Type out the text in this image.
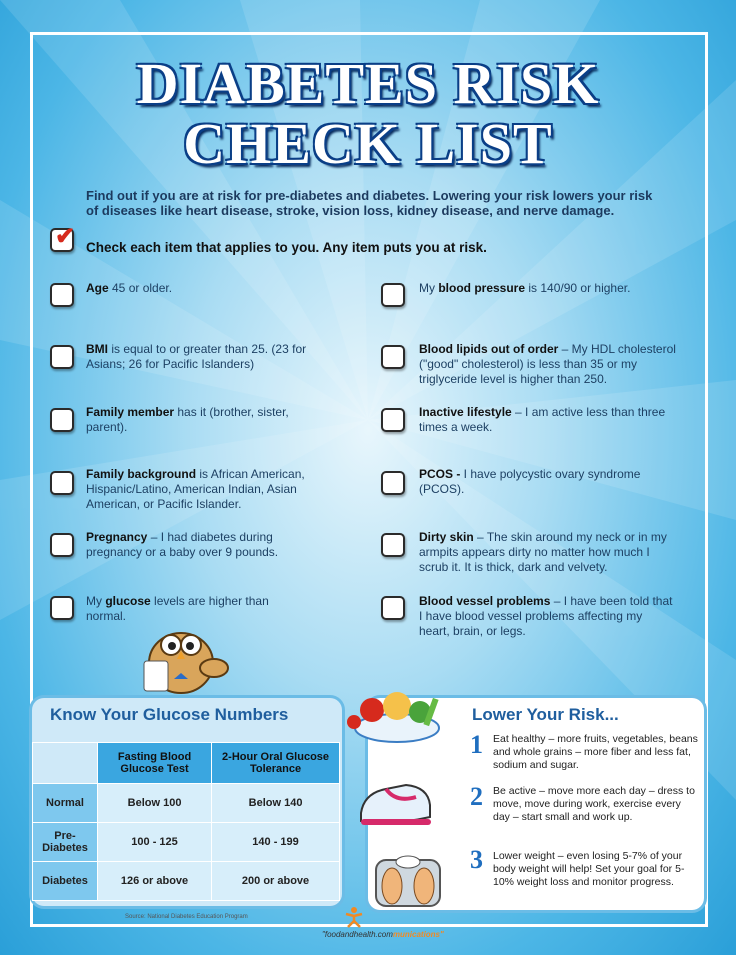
DIABETES RISK
CHECK LIST
Find out if you are at risk for pre-diabetes and diabetes. Lowering your risk lowers your risk of diseases like heart disease, stroke, vision loss, kidney disease, and nerve damage.
✔ Check each item that applies to you. Any item puts you at risk.
Age 45 or older.
BMI is equal to or greater than 25. (23 for Asians; 26 for Pacific Islanders)
Family member has it (brother, sister, parent).
Family background is African American, Hispanic/Latino, American Indian, Asian American, or Pacific Islander.
Pregnancy – I had diabetes during pregnancy or a baby over 9 pounds.
My glucose levels are higher than normal.
My blood pressure is 140/90 or higher.
Blood lipids out of order – My HDL cholesterol ("good" cholesterol) is less than 35 or my triglyceride level is higher than 250.
Inactive lifestyle – I am active less than three times a week.
PCOS - I have polycystic ovary syndrome (PCOS).
Dirty skin – The skin around my neck or in my armpits appears dirty no matter how much I scrub it. It is thick, dark and velvety.
Blood vessel problems – I have been told that I have blood vessel problems affecting my heart, brain, or legs.
Know Your Glucose Numbers
	Fasting Blood Glucose Test	2-Hour Oral Glucose Tolerance
Normal	Below 100	Below 140
Pre-Diabetes	100 - 125	140 - 199
Diabetes	126 or above	200 or above
Source: National Diabetes Education Program
Lower Your Risk...
1 Eat healthy – more fruits, vegetables, beans and whole grains – more fiber and less fat, sodium and sugar.
2 Be active – move more each day – dress to move, move during work, exercise every day – start small and work up.
3 Lower weight – even losing 5-7% of your body weight will help! Set your goal for 5-10% weight loss and monitor progress.
"foodandhealth.communications"
